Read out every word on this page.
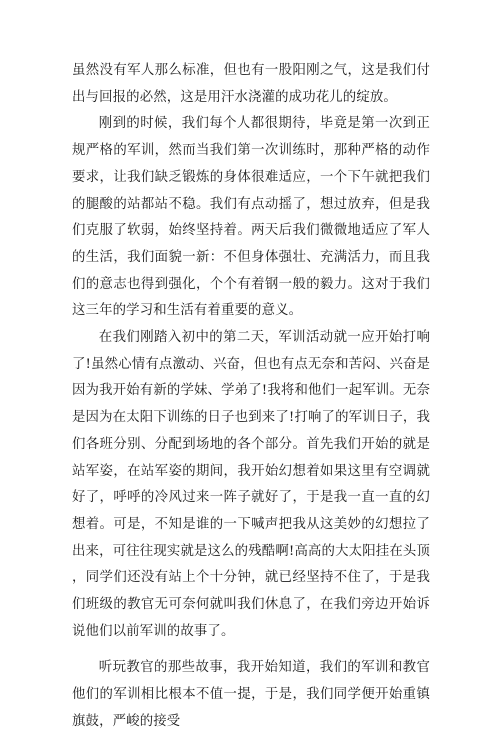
虽然没有军人那么标准，但也有一股阳刚之气，这是我们付出与回报的必然，这是用汗水浇灌的成功花儿的绽放。

刚到的时候，我们每个人都很期待，毕竟是第一次到正规严格的军训，然而当我们第一次训练时，那种严格的动作要求，让我们缺乏锻炼的身体很难适应，一个下午就把我们的腿酸的站都站不稳。我们有点动摇了，想过放弃，但是我们克服了软弱，始终坚持着。两天后我们微微地适应了军人的生活，我们面貌一新：不但身体强壮、充满活力，而且我们的意志也得到强化，个个有着钢一般的毅力。这对于我们这三年的学习和生活有着重要的意义。

在我们刚踏入初中的第二天，军训活动就一应开始打响了!虽然心情有点激动、兴奋，但也有点无奈和苦闷、兴奋是因为我开始有新的学妹、学弟了!我将和他们一起军训。无奈是因为在太阳下训练的日子也到来了!打响了的军训日子，我们各班分别、分配到场地的各个部分。首先我们开始的就是站军姿，在站军姿的期间，我开始幻想着如果这里有空调就好了，呼呼的冷风过来一阵子就好了，于是我一直一直的幻想着。可是，不知是谁的一下喊声把我从这美妙的幻想拉了出来，可往往现实就是这么的残酷啊!高高的大太阳挂在头顶，同学们还没有站上个十分钟，就已经坚持不住了，于是我们班级的教官无可奈何就叫我们休息了，在我们旁边开始诉说他们以前军训的故事了。

听玩教官的那些故事，我开始知道，我们的军训和教官他们的军训相比根本不值一提，于是，我们同学便开始重镇旗鼓，严峻的接受
